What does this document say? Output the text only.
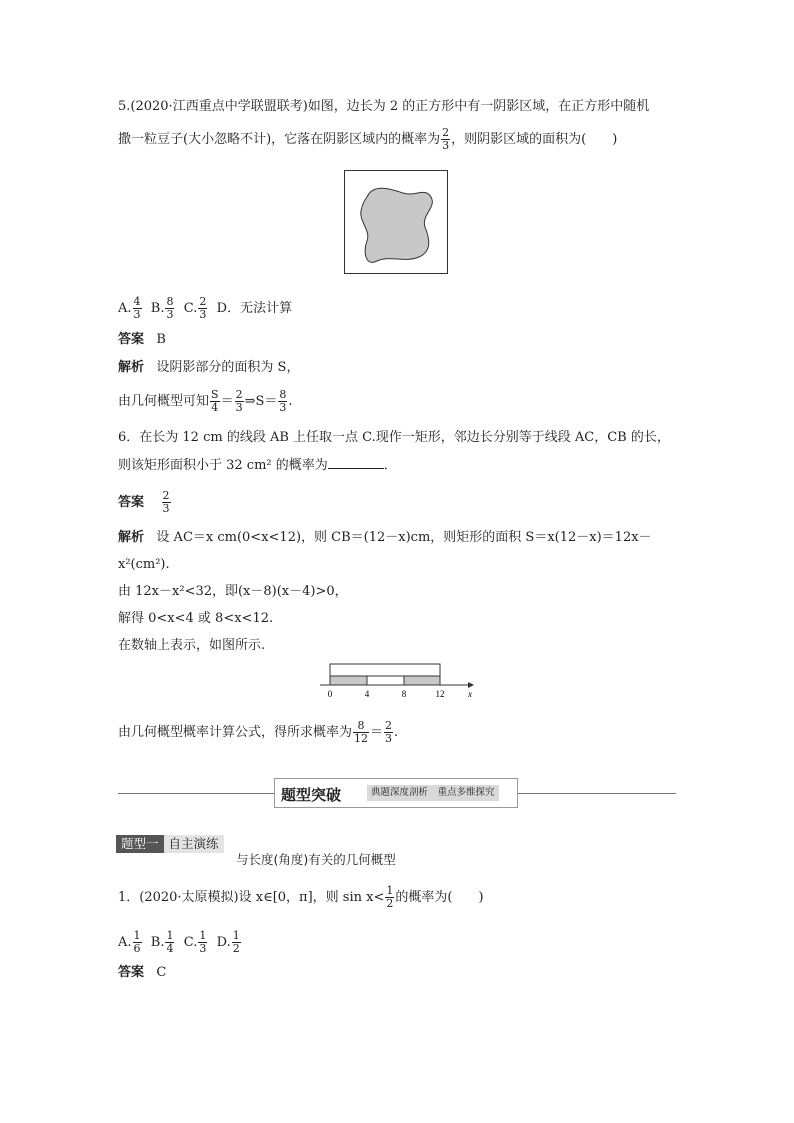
5.(2020·江西重点中学联盟联考)如图，边长为 2 的正方形中有一阴影区域，在正方形中随机
撒一粒豆子(大小忽略不计)，它落在阴影区域内的概率为 $\frac{2}{3}$ ，则阴影区域的面积为(　　)
A. $\frac{4}{3} B$. $\frac{8}{3} C$. $\frac{2}{3}$ D．无法计算
答案 B
解析 设阴影部分的面积为 S，
由几何概型可知 $\frac{S}{4} = \frac{2}{3}$ ⇒S＝ $\frac{8}{3}$ .
6．在长为 12 cm 的线段 AB 上任取一点 C.现作一矩形，邻边长分别等于线段 AC，CB 的长，
则该矩形面积小于 32 cm² 的概率为	．
答案 $\frac{2}{3}$
解析 设 AC＝x cm(0<x<12)，则 CB＝(12－x)cm，则矩形的面积 S＝x(12－x)＝12x－
x²(cm²).
由 12x－x²<32，即(x－8)(x－4)>0，
解得 0<x<4 或 8<x<12.
在数轴上表示，如图所示.
0	4	8	12	x
由几何概型概率计算公式，得所求概率为 $\frac{8}{12} = \frac{2}{3}$ .
题型突破	典题深度剖析　重点多维探究
题型一 自主演练
与长度(角度)有关的几何概型
1．(2020·太原模拟)设 x∈[0，π]，则 $\sin x< \frac{1}{2}$ 的概率为(　　)
A. $\frac{1}{6} B$. $\frac{1}{4} C$. $\frac{1}{3} D$. $\frac{1}{2}$
答案 C
